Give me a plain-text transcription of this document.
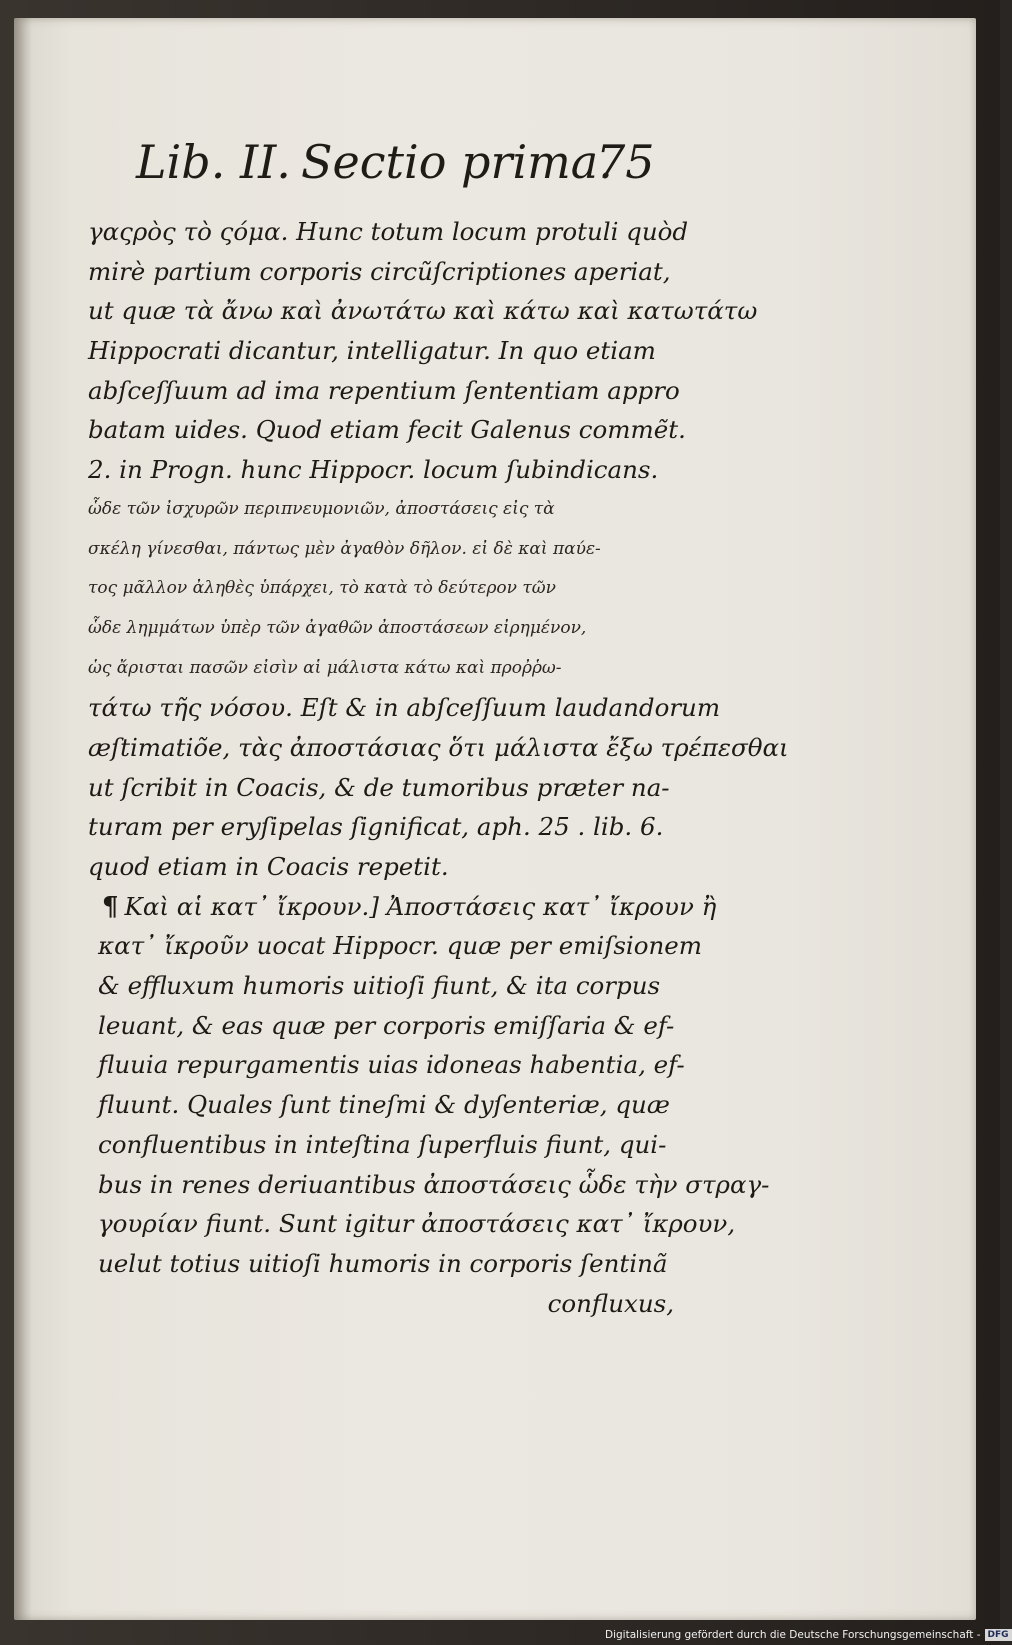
Lib. II. Sectio prima.
75
γαςρὸς τὸ ςόμα. Hunc totum locum protuli quòd
mirè partium corporis circũſcriptiones aperiat,
ut quæ τὰ ἄνω καὶ ἀνωτάτω καὶ κάτω καὶ κατωτάτω
Hippocrati dicantur, intelligatur. In quo etiam
abſceſſuum ad ima repentium ſententiam appro
batam uides. Quod etiam fecit Galenus commẽt.
2. in Progn. hunc Hippocr. locum ſubindicans.
ὧδε τῶν ἰσχυρῶν περιπνευμονιῶν, ἀποστάσεις εἰς τὰ
σκέλη γίνεσθαι, πάντως μὲν ἀγαθὸν δῆλον. εἰ δὲ καὶ παύε-
τος μᾶλλον ἀληθὲς ὑπάρχει, τὸ κατὰ τὸ δεύτερον τῶν
ὧδε λημμάτων ὑπὲρ τῶν ἀγαθῶν ἀποστάσεων εἰρημένον,
ὡς ἄρισται πασῶν εἰσὶν αἱ μάλιστα κάτω καὶ προῤῥω-
τάτω τῆς νόσου. Eſt & in abſceſſuum laudandorum
æſtimatiõe, τὰς ἀποστάσιας ὅτι μάλιστα ἔξω τρέπεσθαι
ut ſcribit in Coacis, & de tumoribus præter na-
turam per eryſipelas ſignificat, aph. 25 . lib. 6.
quod etiam in Coacis repetit.
¶ Καὶ αἱ κατ᾽ ἴκρουν.] Ἀποστάσεις κατ᾽ ἴκρουν ἢ
κατ᾽ ἴκροῦν uocat Hippocr. quæ per emiſsionem
& effluxum humoris uitioſi fiunt, & ita corpus
leuant, & eas quæ per corporis emiſſaria & ef-
fluuia repurgamentis uias idoneas habentia, ef-
fluunt. Quales ſunt tineſmi & dyſenteriæ, quæ
confluentibus in inteſtina ſuperfluis fiunt, qui-
bus in renes deriuantibus ἀποστάσεις ὧδε τὴν στραγ-
γουρίαν fiunt. Sunt igitur ἀποστάσεις κατ᾽ ἴκρουν,
uelut totius uitioſi humoris in corporis ſentinã
confluxus,
Digitalisierung gefördert durch die Deutsche Forschungsgemeinschaft - DFG
